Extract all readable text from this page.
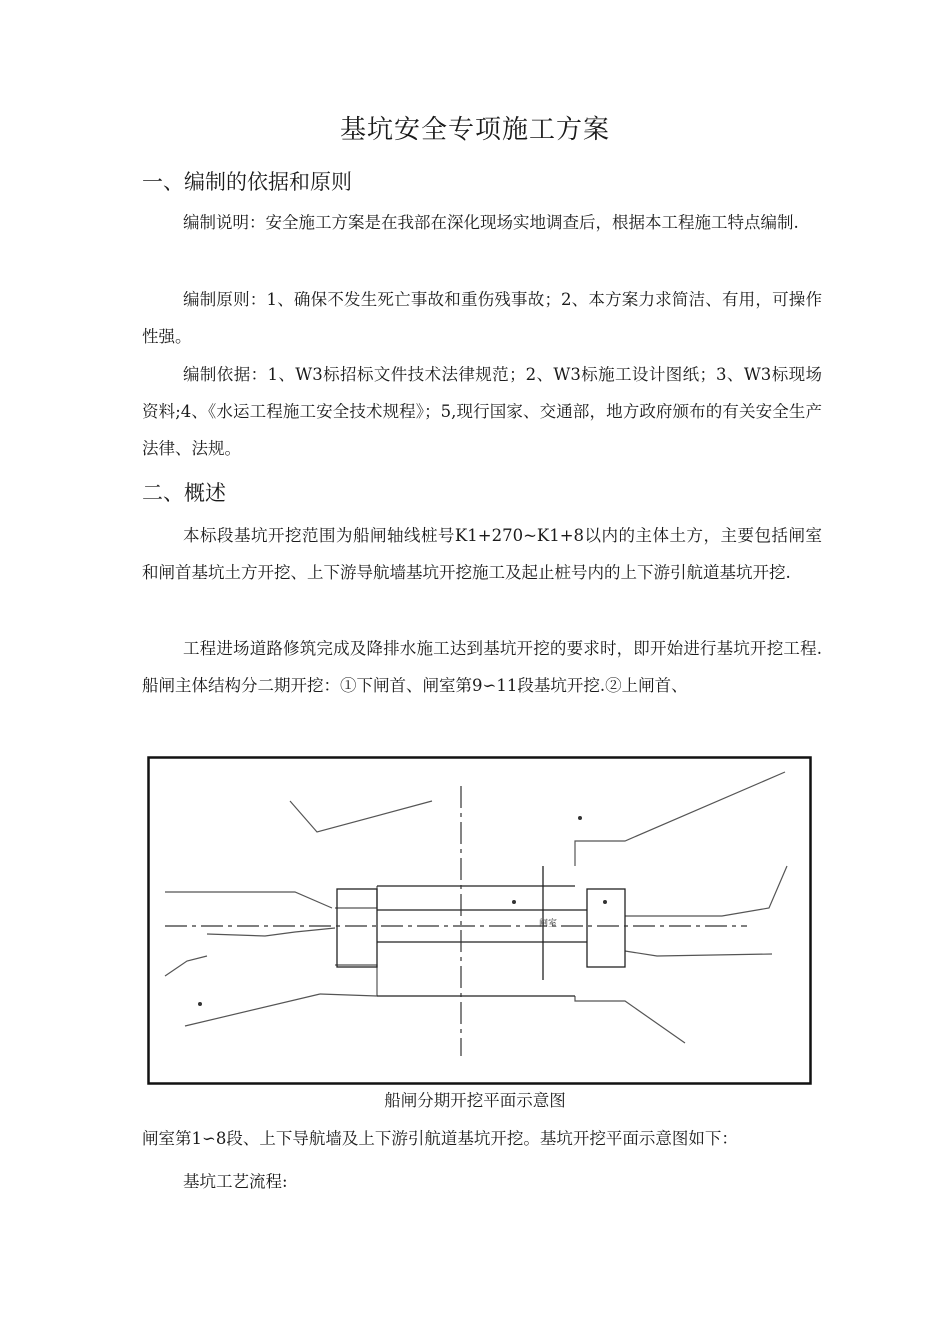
基坑安全专项施工方案
一、编制的依据和原则

编制说明：安全施工方案是在我部在深化现场实地调查后，根据本工程施工特点编制.

编制原则：1、确保不发生死亡事故和重伤残事故；2、本方案力求简洁、有用，可操作性强。

编制依据：1、W3标招标文件技术法律规范；2、W3标施工设计图纸；3、W3标现场资料;4、《水运工程施工安全技术规程》；5,现行国家、交通部，地方政府颁布的有关安全生产法律、法规。

二、概述

本标段基坑开挖范围为船闸轴线桩号K1+270~K1+8以内的主体土方，主要包括闸室和闸首基坑土方开挖、上下游导航墙基坑开挖施工及起止桩号内的上下游引航道基坑开挖.

工程进场道路修筑完成及降排水施工达到基坑开挖的要求时，即开始进行基坑开挖工程.船闸主体结构分二期开挖：①下闸首、闸室第9∽11段基坑开挖.②上闸首、

闸室
船闸分期开挖平面示意图

闸室第1∽8段、上下导航墙及上下游引航道基坑开挖。基坑开挖平面示意图如下：

基坑工艺流程:
